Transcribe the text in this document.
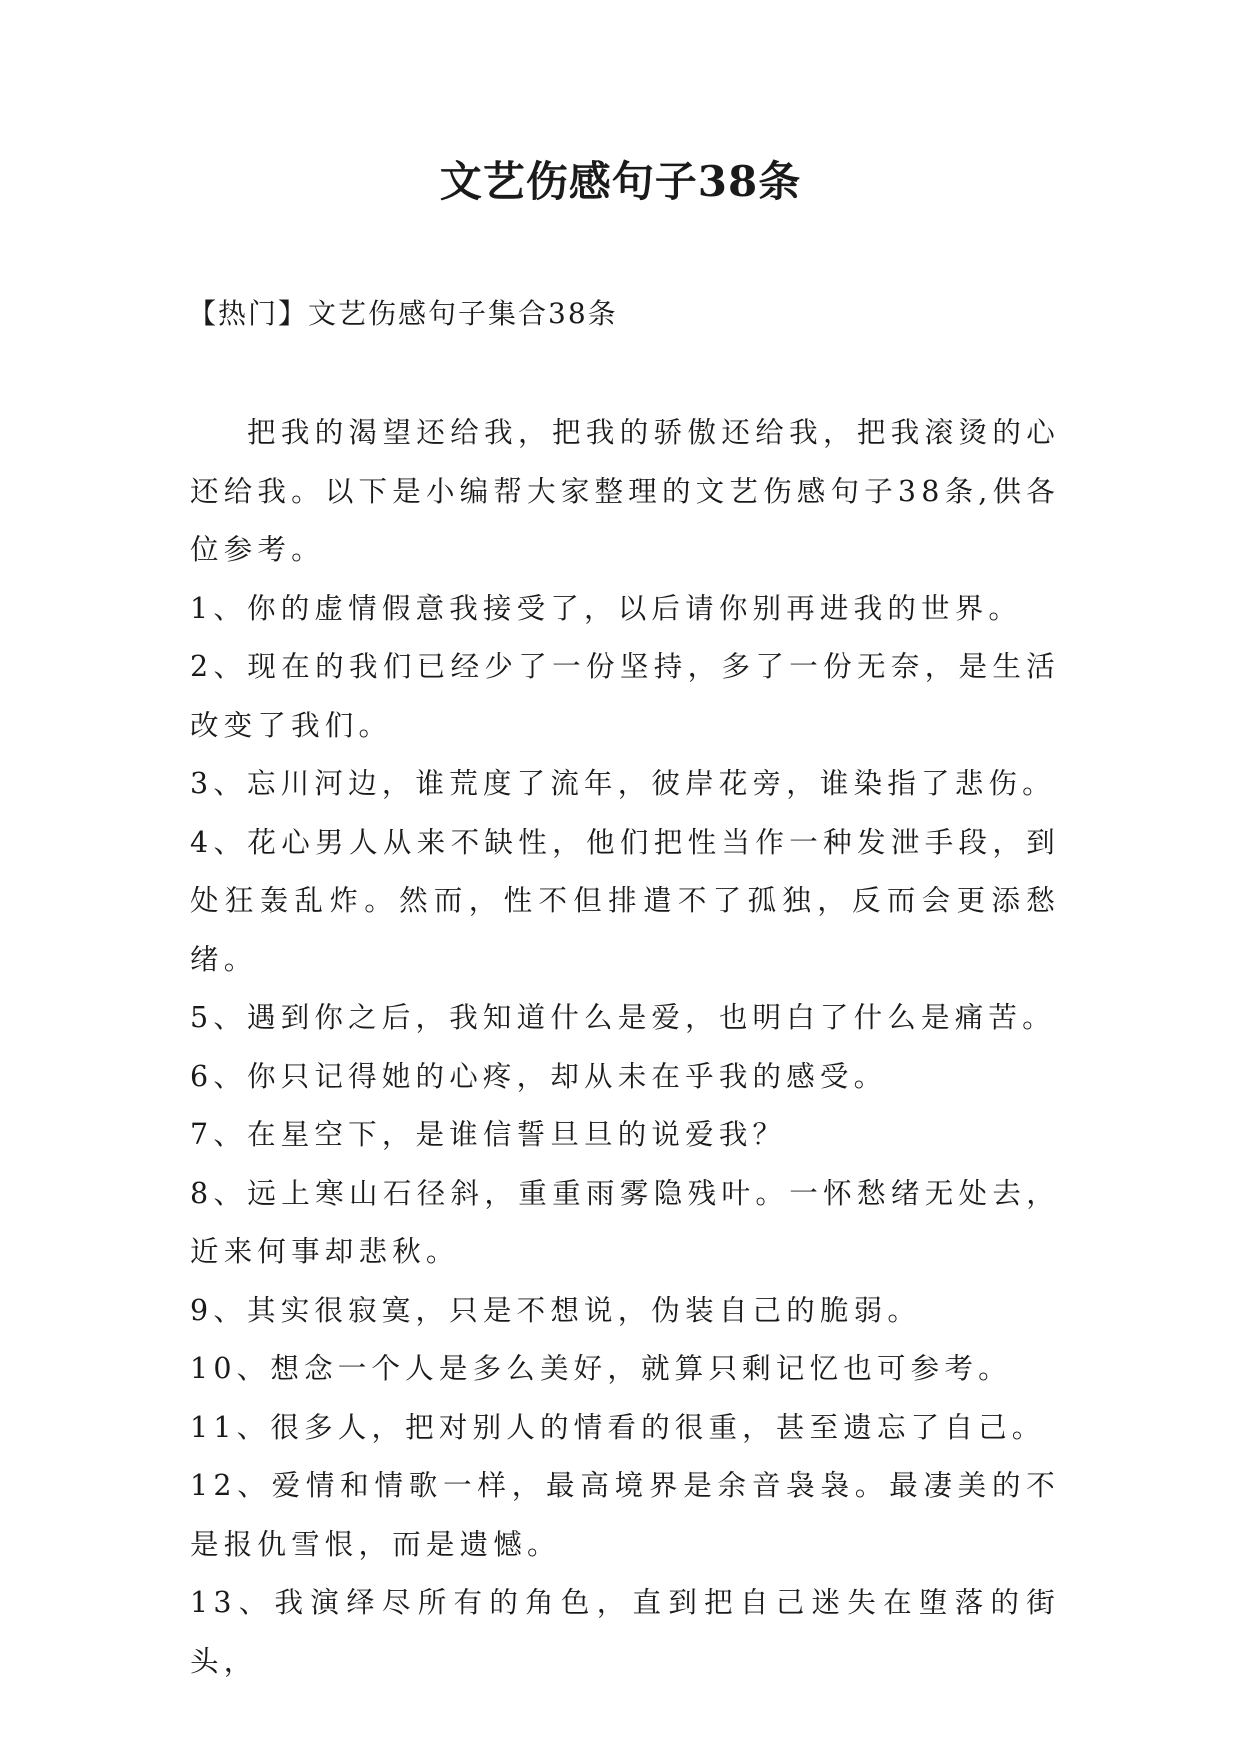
文艺伤感句子38条
【热门】文艺伤感句子集合38条

把我的渴望还给我，把我的骄傲还给我，把我滚烫的心还给我。以下是小编帮大家整理的文艺伤感句子38条,供各位参考。

1、你的虚情假意我接受了，以后请你别再进我的世界。

2、现在的我们已经少了一份坚持，多了一份无奈，是生活改变了我们。

3、忘川河边，谁荒度了流年，彼岸花旁，谁染指了悲伤。

4、花心男人从来不缺性，他们把性当作一种发泄手段，到处狂轰乱炸。然而，性不但排遣不了孤独，反而会更添愁绪。

5、遇到你之后，我知道什么是爱，也明白了什么是痛苦。

6、你只记得她的心疼，却从未在乎我的感受。

7、在星空下，是谁信誓旦旦的说爱我？

8、远上寒山石径斜，重重雨雾隐残叶。一怀愁绪无处去，近来何事却悲秋。

9、其实很寂寞，只是不想说，伪装自己的脆弱。

10、想念一个人是多么美好，就算只剩记忆也可参考。

11、很多人，把对别人的情看的很重，甚至遗忘了自己。

12、爱情和情歌一样，最高境界是余音袅袅。最凄美的不是报仇雪恨，而是遗憾。

13、我演绎尽所有的角色，直到把自己迷失在堕落的街头，
